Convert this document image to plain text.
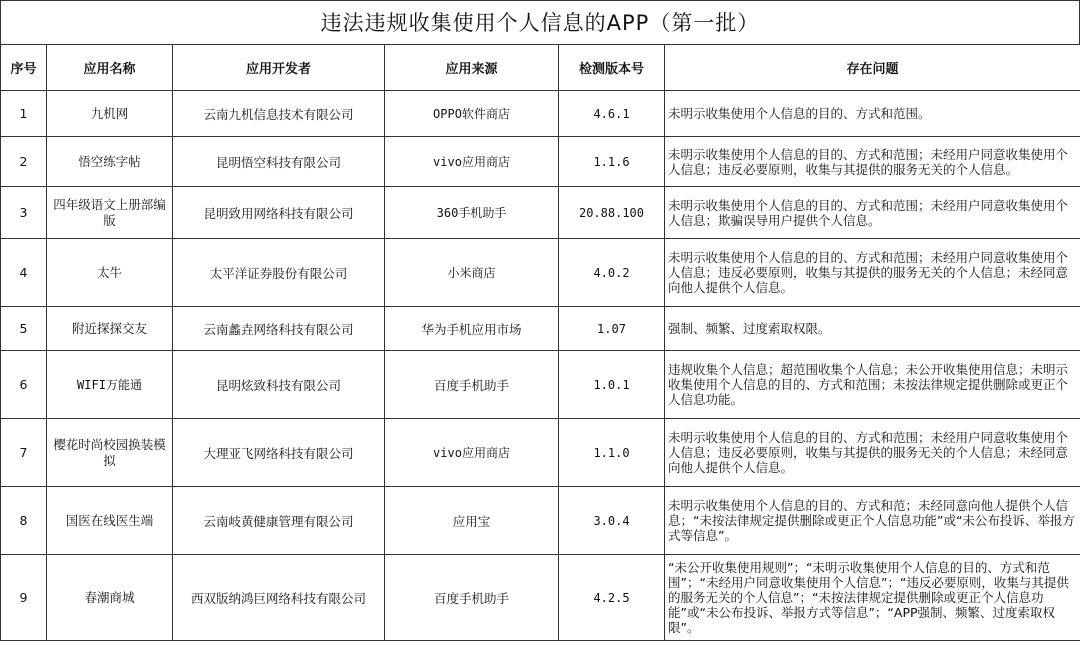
违法违规收集使用个人信息的APP（第一批）
序号	应用名称	应用开发者	应用来源	检测版本号	存在问题
1	九机网	云南九机信息技术有限公司	OPPO软件商店	4.6.1	未明示收集使用个人信息的目的、方式和范围。
2	悟空练字帖	昆明悟空科技有限公司	vivo应用商店	1.1.6	未明示收集使用个人信息的目的、方式和范围；未经用户同意收集使用个人信息；违反必要原则，收集与其提供的服务无关的个人信息。
3	四年级语文上册部编版	昆明致用网络科技有限公司	360手机助手	20.88.100	未明示收集使用个人信息的目的、方式和范围；未经用户同意收集使用个人信息；欺骗误导用户提供个人信息。
4	太牛	太平洋证券股份有限公司	小米商店	4.0.2	未明示收集使用个人信息的目的、方式和范围；未经用户同意收集使用个人信息；违反必要原则，收集与其提供的服务无关的个人信息；未经同意向他人提供个人信息。
5	附近探探交友	云南蠡垚网络科技有限公司	华为手机应用市场	1.07	强制、频繁、过度索取权限。
6	WIFI万能通	昆明炫致科技有限公司	百度手机助手	1.0.1	违规收集个人信息；超范围收集个人信息；未公开收集使用信息；未明示收集使用个人信息的目的、方式和范围；未按法律规定提供删除或更正个人信息功能。
7	樱花时尚校园换装模拟	大理亚飞网络科技有限公司	vivo应用商店	1.1.0	未明示收集使用个人信息的目的、方式和范围；未经用户同意收集使用个人信息；违反必要原则，收集与其提供的服务无关的个人信息；未经同意向他人提供个人信息。
8	国医在线医生端	云南岐黄健康管理有限公司	应用宝	3.0.4	未明示收集使用个人信息的目的、方式和范；未经同意向他人提供个人信息；“未按法律规定提供删除或更正个人信息功能”或“未公布投诉、举报方式等信息”。
9	春潮商城	西双版纳鸿巨网络科技有限公司	百度手机助手	4.2.5	“未公开收集使用规则”；“未明示收集使用个人信息的目的、方式和范围”；“未经用户同意收集使用个人信息”；“违反必要原则，收集与其提供的服务无关的个人信息”；“未按法律规定提供删除或更正个人信息功能”或“未公布投诉、举报方式等信息”；“APP强制、频繁、过度索取权限”。
